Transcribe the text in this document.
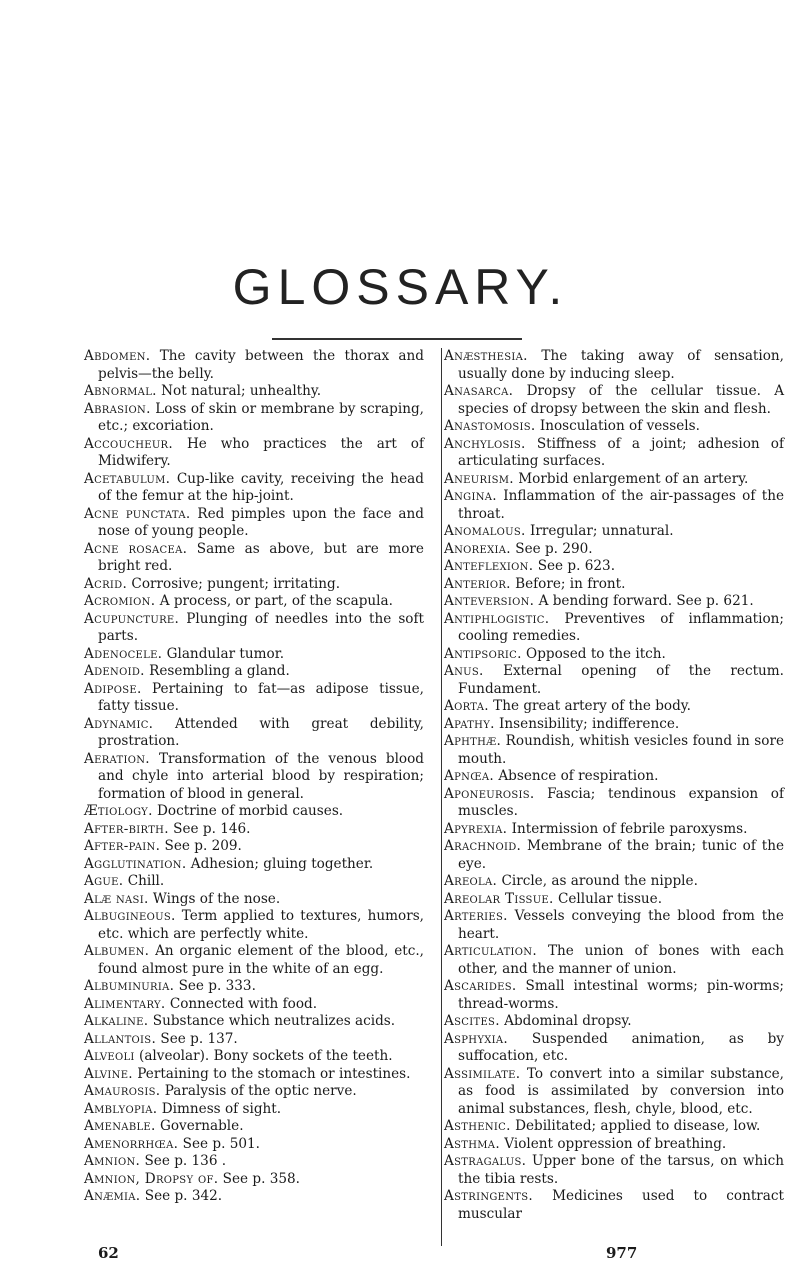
GLOSSARY.

Abdomen. The cavity between the thorax and pelvis—the belly.

Abnormal. Not natural; unhealthy.

Abrasion. Loss of skin or membrane by scraping, etc.; excoriation.

Accoucheur. He who practices the art of Midwifery.

Acetabulum. Cup-like cavity, receiving the head of the femur at the hip-joint.

Acne punctata. Red pimples upon the face and nose of young people.

Acne rosacea. Same as above, but are more bright red.

Acrid. Corrosive; pungent; irritating.

Acromion. A process, or part, of the scapula.

Acupuncture. Plunging of needles into the soft parts.

Adenocele. Glandular tumor.

Adenoid. Resembling a gland.

Adipose. Pertaining to fat—as adipose tissue, fatty tissue.

Adynamic. Attended with great debility, prostration.

Aeration. Transformation of the venous blood and chyle into arterial blood by respiration; formation of blood in general.

Ætiology. Doctrine of morbid causes.

After-birth. See p. 146.

After-pain. See p. 209.

Agglutination. Adhesion; gluing together.

Ague. Chill.

Alæ nasi. Wings of the nose.

Albugineous. Term applied to textures, humors, etc. which are perfectly white.

Albumen. An organic element of the blood, etc., found almost pure in the white of an egg.

Albuminuria. See p. 333.

Alimentary. Connected with food.

Alkaline. Substance which neutralizes acids.

Allantois. See p. 137.

Alveoli (alveolar). Bony sockets of the teeth.

Alvine. Pertaining to the stomach or intestines.

Amaurosis. Paralysis of the optic nerve.

Amblyopia. Dimness of sight.

Amenable. Governable.

Amenorrhœa. See p. 501.

Amnion. See p. 136 .

Amnion, Dropsy of. See p. 358.

Anæmia. See p. 342.

Anæsthesia. The taking away of sensation, usually done by inducing sleep.

Anasarca. Dropsy of the cellular tissue. A species of dropsy between the skin and flesh.

Anastomosis. Inosculation of vessels.

Anchylosis. Stiffness of a joint; adhesion of articulating surfaces.

Aneurism. Morbid enlargement of an artery.

Angina. Inflammation of the air-passages of the throat.

Anomalous. Irregular; unnatural.

Anorexia. See p. 290.

Anteflexion. See p. 623.

Anterior. Before; in front.

Anteversion. A bending forward. See p. 621.

Antiphlogistic. Preventives of inflammation; cooling remedies.

Antipsoric. Opposed to the itch.

Anus. External opening of the rectum. Fundament.

Aorta. The great artery of the body.

Apathy. Insensibility; indifference.

Aphthæ. Roundish, whitish vesicles found in sore mouth.

Apnœa. Absence of respiration.

Aponeurosis. Fascia; tendinous expansion of muscles.

Apyrexia. Intermission of febrile paroxysms.

Arachnoid. Membrane of the brain; tunic of the eye.

Areola. Circle, as around the nipple.

Areolar Tissue. Cellular tissue.

Arteries. Vessels conveying the blood from the heart.

Articulation. The union of bones with each other, and the manner of union.

Ascarides. Small intestinal worms; pin-worms; thread-worms.

Ascites. Abdominal dropsy.

Asphyxia. Suspended animation, as by suffocation, etc.

Assimilate. To convert into a similar substance, as food is assimilated by conversion into animal substances, flesh, chyle, blood, etc.

Asthenic. Debilitated; applied to disease, low.

Asthma. Violent oppression of breathing.

Astragalus. Upper bone of the tarsus, on which the tibia rests.

Astringents. Medicines used to contract muscular

62	977
